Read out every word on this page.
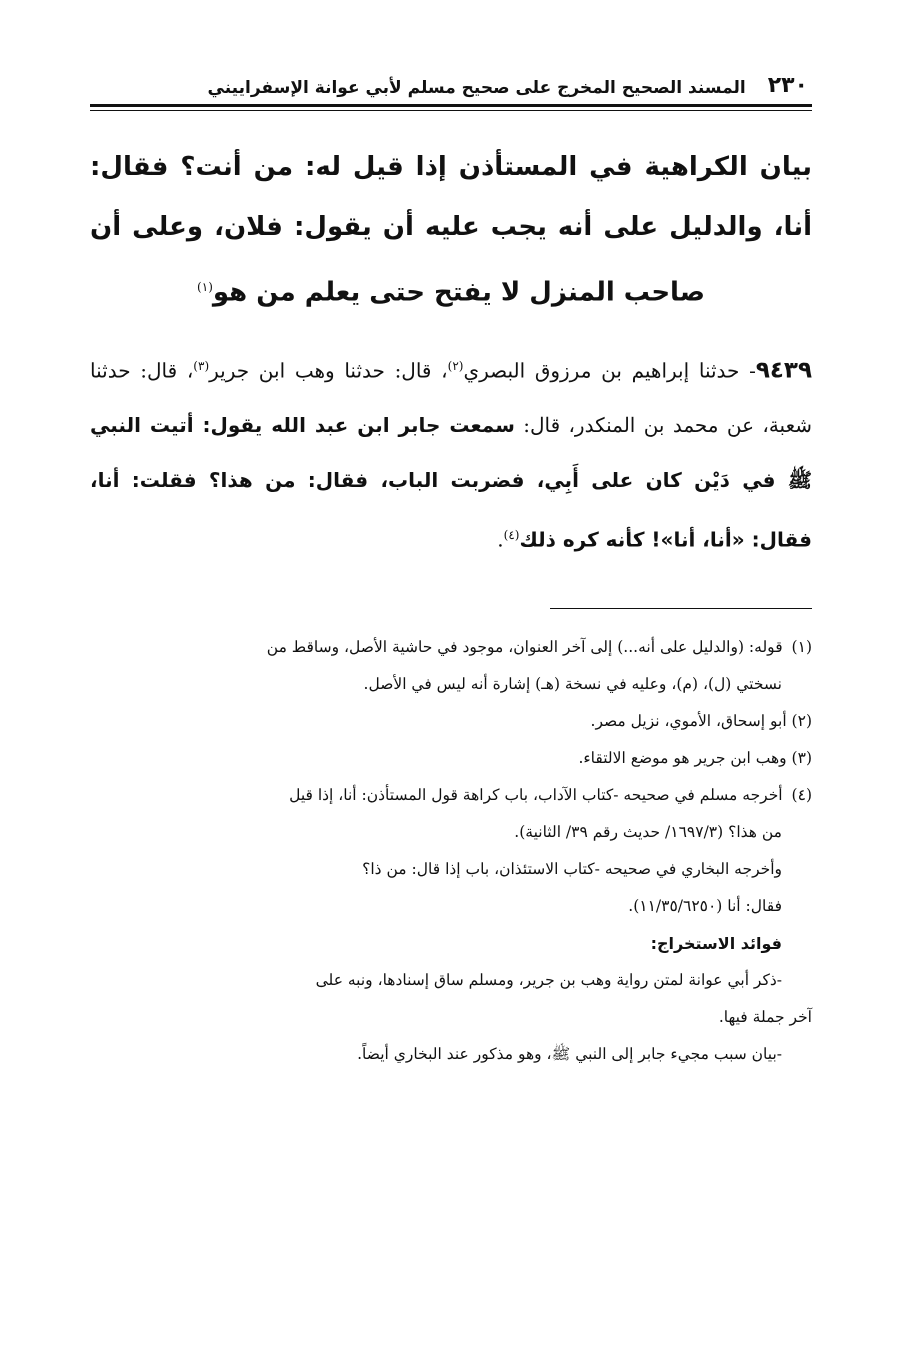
٢٣٠
المسند الصحيح المخرج على صحيح مسلم لأبي عوانة الإسفراييني
بيان الكراهية في المستأذن إذا قيل له: من أنت؟ فقال: أنا، والدليل على أنه يجب عليه أن يقول: فلان، وعلى أن صاحب المنزل لا يفتح حتى يعلم من هو$^{(١)}$

٩٤٣٩- حدثنا إبراهيم بن مرزوق البصري$^{(٢)}$، قال: حدثنا وهب ابن جرير$^{(٣)}$، قال: حدثنا شعبة، عن محمد بن المنكدر، قال: سمعت جابر ابن عبد الله يقول: أتيت النبي ﷺ في دَيْن كان على أَبِي، فضربت الباب، فقال: من هذا؟ فقلت: أنا، فقال: «أنا، أنا»! كأنه كره ذلك$^{(٤)}$.

(١) قوله: (والدليل على أنه...) إلى آخر العنوان، موجود في حاشية الأصل، وساقط من
نسختي (ل)، (م)، وعليه في نسخة (هـ) إشارة أنه ليس في الأصل.
(٢) أبو إسحاق، الأموي، نزيل مصر.
(٣) وهب ابن جرير هو موضع الالتقاء.
(٤) أخرجه مسلم في صحيحه -كتاب الآداب، باب كراهة قول المستأذن: أنا، إذا قيل
من هذا؟ (١٦٩٧/٣/ حديث رقم ٣٩/ الثانية).
وأخرجه البخاري في صحيحه -كتاب الاستئذان، باب إذا قال: من ذا؟
فقال: أنا (١١/٣٥/٦٢٥٠).
فوائد الاستخراج:
-ذكر أبي عوانة لمتن رواية وهب بن جرير، ومسلم ساق إسنادها، ونبه على
آخر جملة فيها.
-بيان سبب مجيء جابر إلى النبي ﷺ، وهو مذكور عند البخاري أيضاً.
